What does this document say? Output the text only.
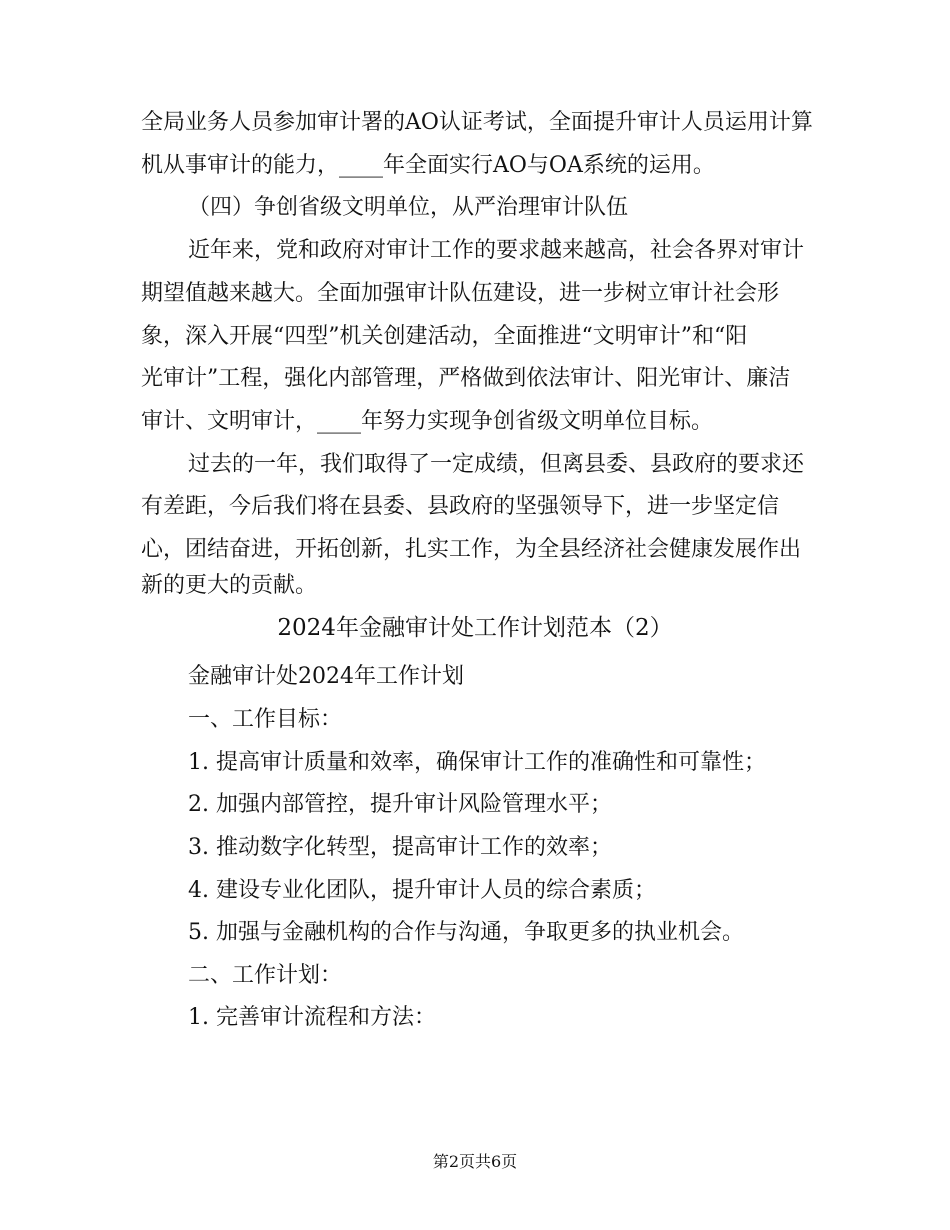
全局业务人员参加审计署的AO认证考试，全面提升审计人员运用计算
机从事审计的能力，____年全面实行AO与OA系统的运用。
（四）争创省级文明单位，从严治理审计队伍
近年来，党和政府对审计工作的要求越来越高，社会各界对审计
期望值越来越大。全面加强审计队伍建设，进一步树立审计社会形
象，深入开展“四型”机关创建活动，全面推进“文明审计”和“阳
光审计”工程，强化内部管理，严格做到依法审计、阳光审计、廉洁
审计、文明审计，____年努力实现争创省级文明单位目标。
过去的一年，我们取得了一定成绩，但离县委、县政府的要求还
有差距，今后我们将在县委、县政府的坚强领导下，进一步坚定信
心，团结奋进，开拓创新，扎实工作，为全县经济社会健康发展作出
新的更大的贡献。
2024年金融审计处工作计划范本（2）
金融审计处2024年工作计划
一、工作目标：
1. 提高审计质量和效率，确保审计工作的准确性和可靠性；
2. 加强内部管控，提升审计风险管理水平；
3. 推动数字化转型，提高审计工作的效率；
4. 建设专业化团队，提升审计人员的综合素质；
5. 加强与金融机构的合作与沟通，争取更多的执业机会。
二、工作计划：
1. 完善审计流程和方法：
第2页共6页
